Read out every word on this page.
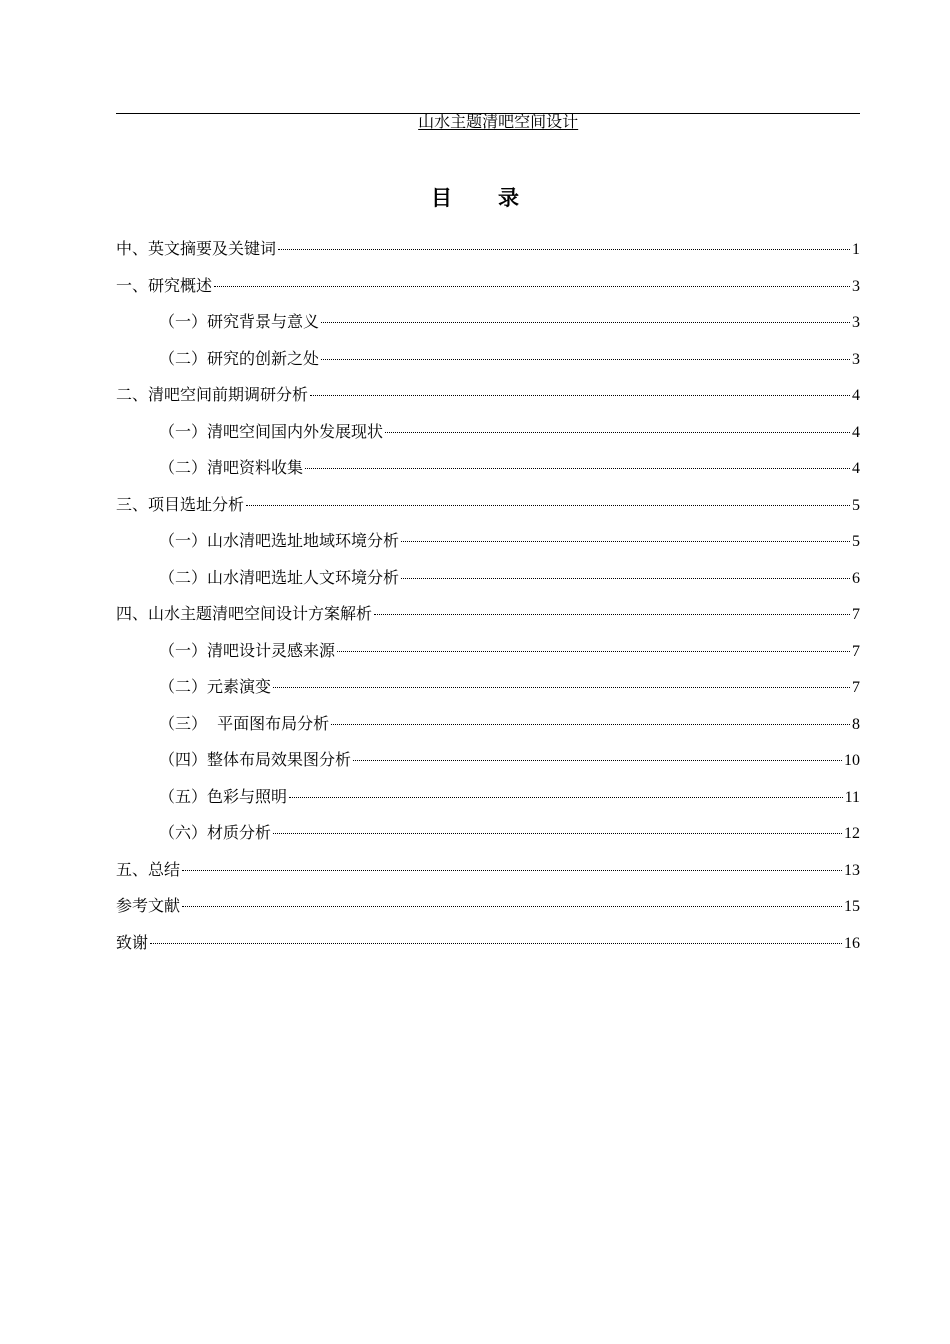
山水主题清吧空间设计

目录
中、英文摘要及关键词	1
一、研究概述	3
（一）研究背景与意义	3
（二）研究的创新之处	3
二、清吧空间前期调研分析	4
（一）清吧空间国内外发展现状	4
（二）清吧资料收集	4
三、项目选址分析	5
（一）山水清吧选址地域环境分析	5
（二）山水清吧选址人文环境分析	6
四、山水主题清吧空间设计方案解析	7
（一）清吧设计灵感来源	7
（二）元素演变	7
（三）  平面图布局分析	8
（四）整体布局效果图分析	10
（五）色彩与照明	11
（六）材质分析	12
五、总结	13
参考文献	15
致谢	16
